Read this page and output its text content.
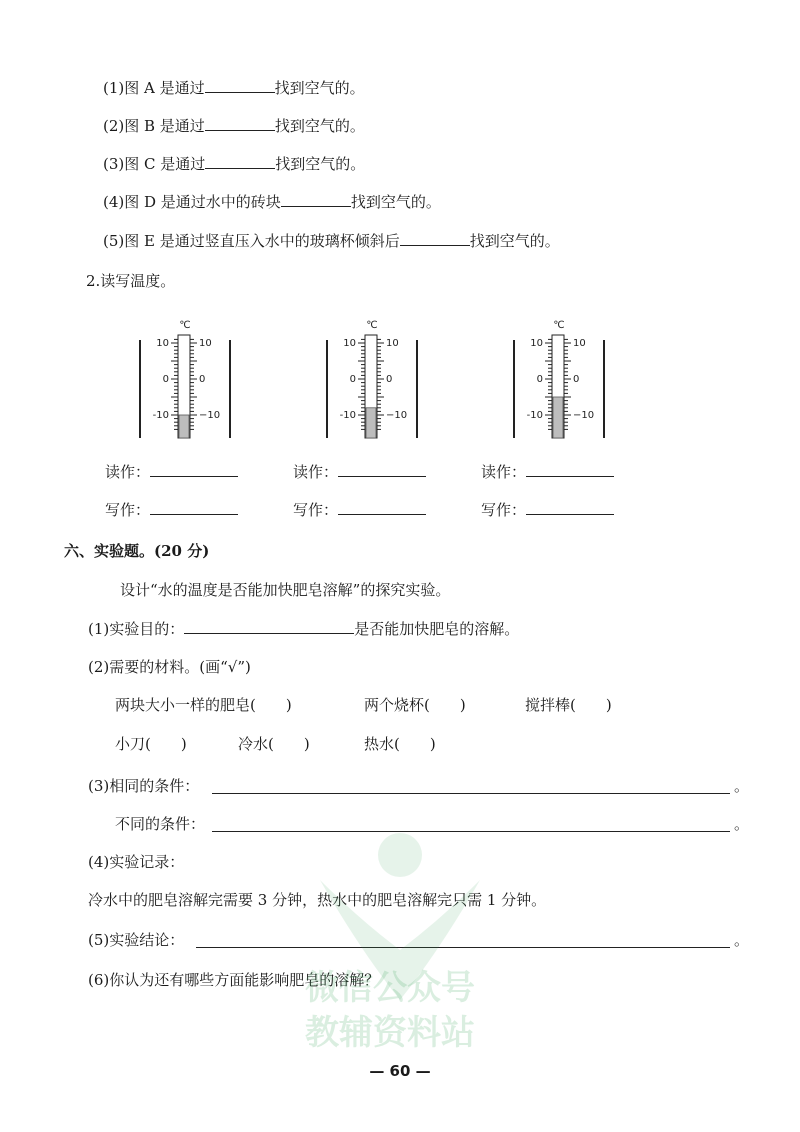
(1)图 A 是通过	找到空气的。
(2)图 B 是通过	找到空气的。
(3)图 C 是通过	找到空气的。
(4)图 D 是通过水中的砖块	找到空气的。
(5)图 E 是通过竖直压入水中的玻璃杯倾斜后	找到空气的。
2.读写温度。
℃
10	10
0	0
-10	−10
℃
10	10
0	0
-10	−10
℃
10	10
0	0
-10	−10
读作：	读作：	读作：
写作：	写作：	写作：
六、实验题。(20 分)
设计“水的温度是否能加快肥皂溶解”的探究实验。
(1)实验目的：	是否能加快肥皂的溶解。
(2)需要的材料。(画“√”)
两块大小一样的肥皂( )	两个烧杯( )	搅拌棒( )
小刀( )	冷水( )	热水( )
(3)相同的条件：	。
不同的条件：	。
(4)实验记录：
冷水中的肥皂溶解完需要 3 分钟，热水中的肥皂溶解完只需 1 分钟。
(5)实验结论：	。
(6)你认为还有哪些方面能影响肥皂的溶解？
微信公众号
教辅资料站
— 60 —
